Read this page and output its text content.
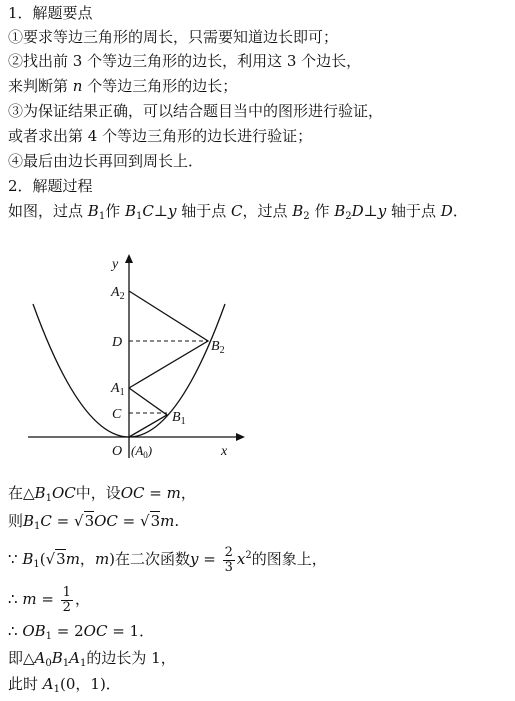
1．解题要点
①要求等边三角形的周长，只需要知道边长即可；
②找出前 3 个等边三角形的边长，利用这 3 个边长，
来判断第 n 个等边三角形的边长；
③为保证结果正确，可以结合题目当中的图形进行验证，
或者求出第 4 个等边三角形的边长进行验证；
④最后由边长再回到周长上．
2．解题过程
如图，过点 $B_1$作 $B_1C\perp y$ 轴于点 C，过点 $B_2$ 作 $B_2D\perp y$ 轴于点 D．
y
x
$A_2$
D	$B_2$
$A_1$
C	$B_1$
O $(A_0)$
在$\triangle B_1OC$中，设OC = m，
则$B_1C = √3OC = √3m$.
∵ $B_1(√3m$，m)在二次函数$y = \frac{2}{3} x^2$的图象上，
∴ $m = \frac{1}{2}$ ，
∴ $OB_1 = 2OC = 1$．
即$\triangle A_0B_1A_1$的边长为 1，
此时 $A_1(0$，1)．
